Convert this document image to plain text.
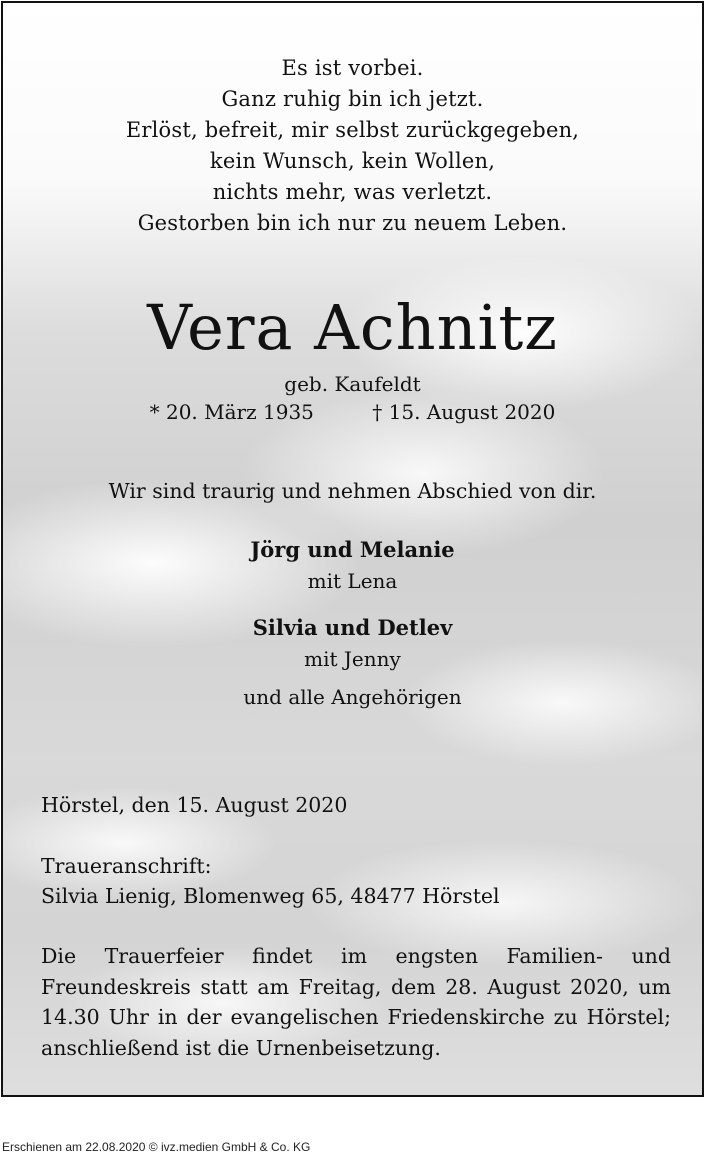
Es ist vorbei.
Ganz ruhig bin ich jetzt.
Erlöst, befreit, mir selbst zurückgegeben,
kein Wunsch, kein Wollen,
nichts mehr, was verletzt.
Gestorben bin ich nur zu neuem Leben.
Vera Achnitz
geb. Kaufeldt
* 20. März 1935	† 15. August 2020
Wir sind traurig und nehmen Abschied von dir.
Jörg und Melanie
mit Lena
Silvia und Detlev
mit Jenny
und alle Angehörigen
Hörstel, den 15. August 2020
Traueranschrift:
Silvia Lienig, Blomenweg 65, 48477 Hörstel
Die Trauerfeier findet im engsten Familien- und Freundeskreis statt am Freitag, dem 28. August 2020, um 14.30 Uhr in der evangelischen Friedenskirche zu Hörstel; anschließend ist die Urnenbeisetzung.
Erschienen am 22.08.2020 © ivz.medien GmbH & Co. KG
